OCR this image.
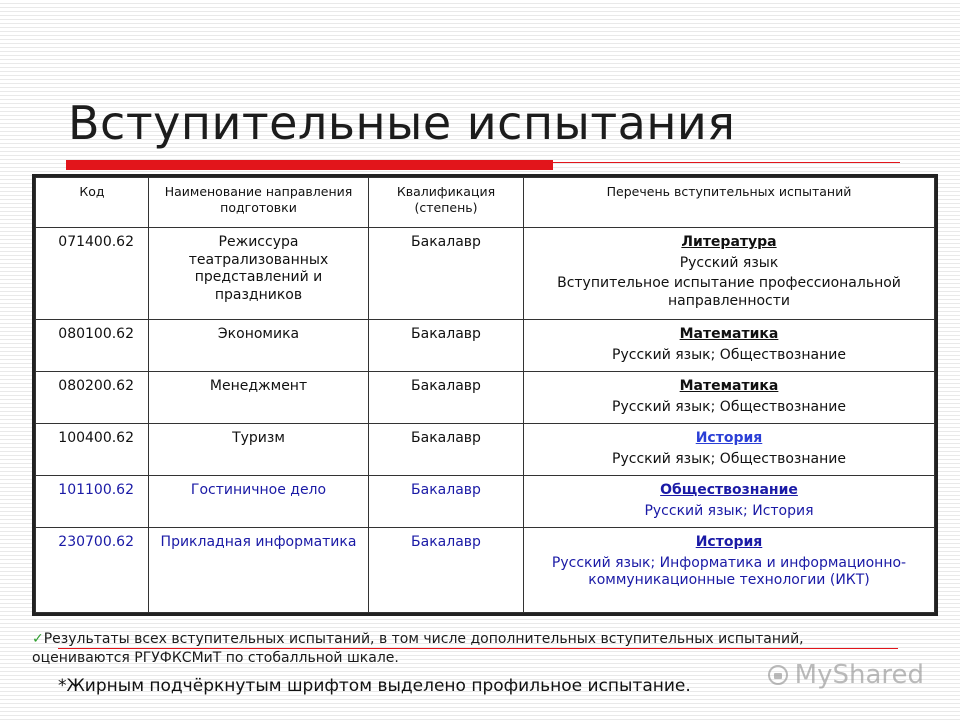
Вступительные испытания
Код	Наименование направления подготовки	Квалификация (степень)	Перечень вступительных испытаний
071400.62	Режиссура театрализованных представлений и праздников	Бакалавр	Литература

Русский язык

Вступительное испытание профессиональной направленности

080100.62	Экономика	Бакалавр	Математика

Русский язык; Обществознание

080200.62	Менеджмент	Бакалавр	Математика

Русский язык; Обществознание

100400.62	Туризм	Бакалавр	История

Русский язык; Обществознание

101100.62	Гостиничное дело	Бакалавр	Обществознание

Русский язык; История

230700.62	Прикладная информатика	Бакалавр	История

Русский язык; Информатика и информационно-коммуникационные технологии (ИКТ)

✓Результаты всех вступительных испытаний, в том числе дополнительных вступительных испытаний, оцениваются РГУФКСМиТ по стобалльной шкале.
*Жирным подчёркнутым шрифтом выделено профильное испытание.	MyShared
